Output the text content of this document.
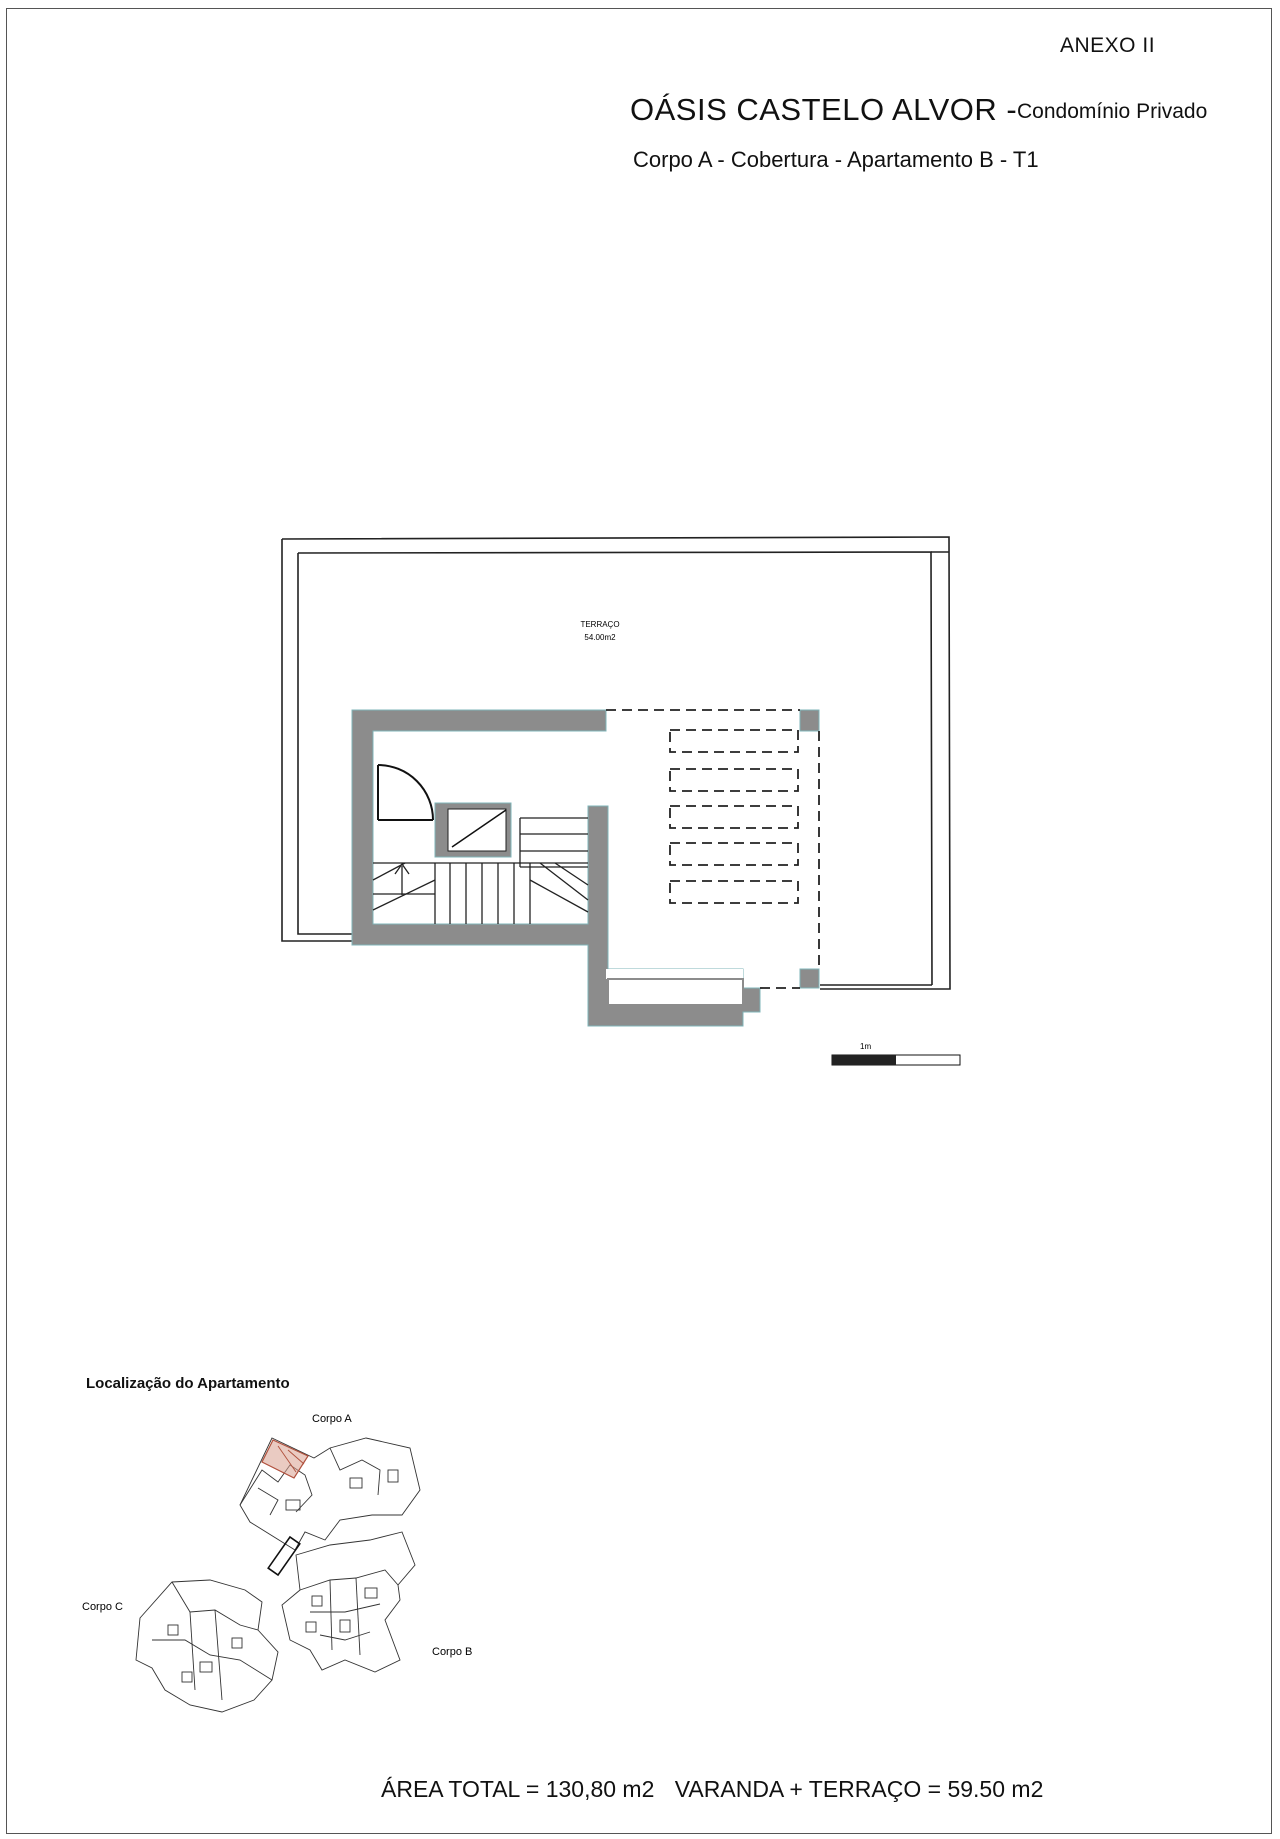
ANEXO II
OÁSIS CASTELO ALVOR - Condomínio Privado
Corpo A - Cobertura - Apartamento B - T1
TERRAÇO
54.00m2
1m
Corpo A
Corpo B
Corpo C
Localização do Apartamento
ÁREA TOTAL = 130,80 m2 VARANDA + TERRAÇO = 59.50 m2
